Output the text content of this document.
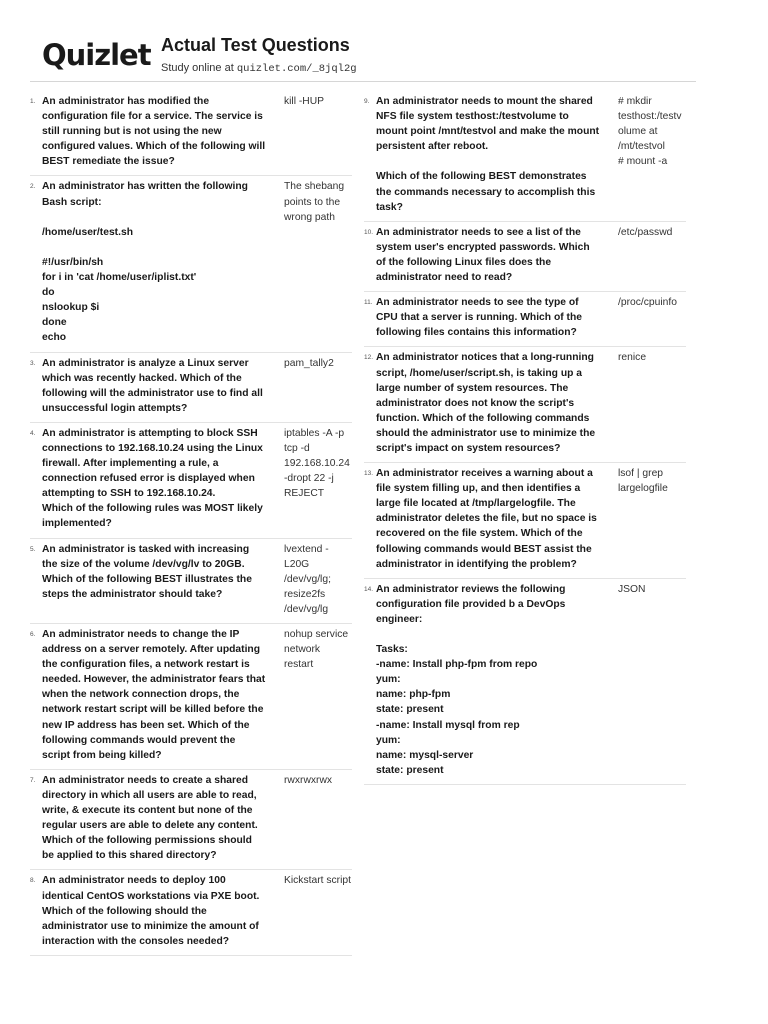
Quizlet Actual Test Questions
Study online at quizlet.com/_8jql2g
1. An administrator has modified the configuration file for a service. The service is still running but is not using the new configured values. Which of the following will BEST remediate the issue?
kill -HUP
2. An administrator has written the following Bash script:

/home/user/test.sh

#!/usr/bin/sh
for i in 'cat /home/user/iplist.txt'
do
nslookup $i
done
echo
The shebang points to the wrong path
3. An administrator is analyze a Linux server which was recently hacked. Which of the following will the administrator use to find all unsuccessful login attempts?
pam_tally2
4. An administrator is attempting to block SSH connections to 192.168.10.24 using the Linux firewall. After implementing a rule, a connection refused error is displayed when attempting to SSH to 192.168.10.24.
Which of the following rules was MOST likely implemented?
iptables -A -p tcp -d 192.168.10.24 -dropt 22 -j REJECT
5. An administrator is tasked with increasing the size of the volume /dev/vg/lv to 20GB. Which of the following BEST illustrates the steps the administrator should take?
lvextend -L20G /dev/vg/lg; resize2fs /dev/vg/lg
6. An administrator needs to change the IP address on a server remotely. After updating the configuration files, a network restart is needed. However, the administrator fears that when the network connection drops, the network restart script will be killed before the new IP address has been set. Which of the following commands would prevent the script from being killed?
nohup service network restart
7. An administrator needs to create a shared directory in which all users are able to read, write, & execute its content but none of the regular users are able to delete any content. Which of the following permissions should be applied to this shared directory?
rwxrwxrwx
8. An administrator needs to deploy 100 identical CentOS workstations via PXE boot. Which of the following should the administrator use to minimize the amount of interaction with the consoles needed?
Kickstart script
9. An administrator needs to mount the shared NFS file system testhost:/testvolume to mount point /mnt/testvol and make the mount persistent after reboot.

Which of the following BEST demonstrates the commands necessary to accomplish this task?
# mkdir testhost:/testvolume at /mt/testvol
# mount -a
10. An administrator needs to see a list of the system user's encrypted passwords. Which of the following Linux files does the administrator need to read?
/etc/passwd
11. An administrator needs to see the type of CPU that a server is running. Which of the following files contains this information?
/proc/cpuinfo
12. An administrator notices that a long-running script, /home/user/script.sh, is taking up a large number of system resources. The administrator does not know the script's function. Which of the following commands should the administrator use to minimize the script's impact on system resources?
renice
13. An administrator receives a warning about a file system filling up, and then identifies a large file located at /tmp/largelogfile. The administrator deletes the file, but no space is recovered on the file system. Which of the following commands would BEST assist the administrator in identifying the problem?
lsof | grep largelogfile
14. An administrator reviews the following configuration file provided b a DevOps engineer:

Tasks:
-name: Install php-fpm from repo
yum:
name: php-fpm
state: present
-name: Install mysql from rep
yum:
name: mysql-server
state: present
JSON
